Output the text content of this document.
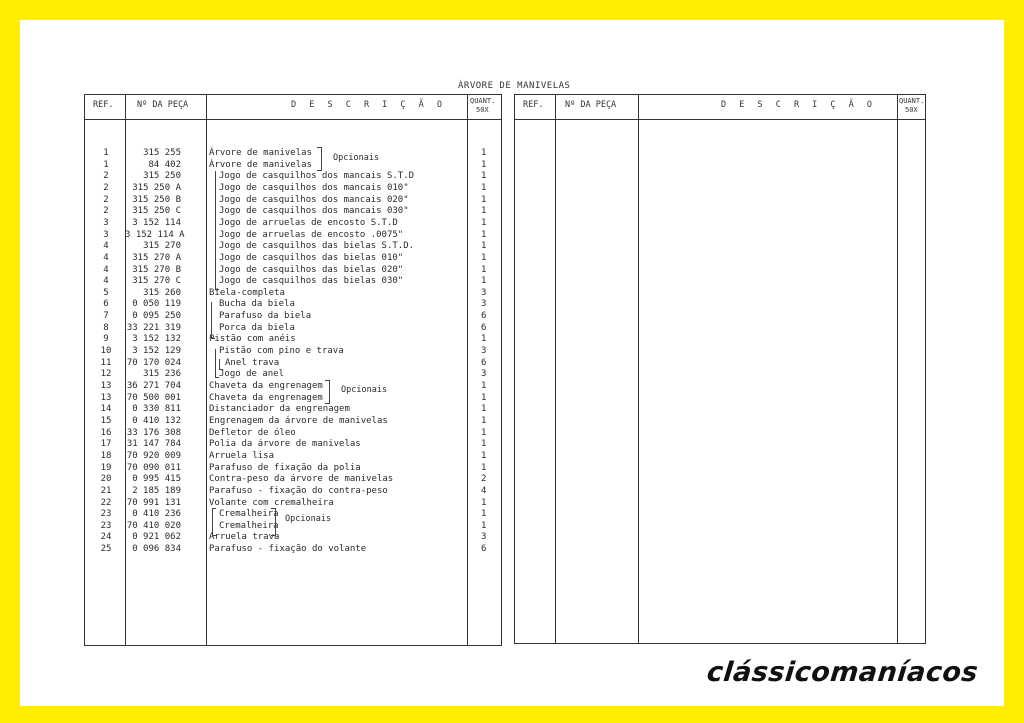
ÁRVORE DE MANIVELAS
REF.	Nº DA PEÇA	D E S C R I Ç Ã O	QUANT.
50X
1	315 255	Árvore de manivelas	1
1	84 402	Árvore de manivelas	1
2	315 250	Jogo de casquilhos dos mancais S.T.D	1
2	315 250 A	Jogo de casquilhos dos mancais 010"	1
2	315 250 B	Jogo de casquilhos dos mancais 020"	1
2	315 250 C	Jogo de casquilhos dos mancais 030"	1
3	3 152 114	Jogo de arruelas de encosto S.T.D	1
3	3 152 114 A	Jogo de arruelas de encosto .0075"	1
4	315 270	Jogo de casquilhos das bielas S.T.D.	1
4	315 270 A	Jogo de casquilhos das bielas 010"	1
4	315 270 B	Jogo de casquilhos das bielas 020"	1
4	315 270 C	Jogo de casquilhos das bielas 030"	1
5	315 260	Biela-completa	3
6	0 050 119	Bucha da biela	3
7	0 095 250	Parafuso da biela	6
8	33 221 319	Porca da biela	6
9	3 152 132	Pistão com anéis	1
10	3 152 129	Pistão com pino e trava	3
11	70 170 024	Anel trava	6
12	315 236	Jogo de anel	3
13	36 271 704	Chaveta da engrenagem	1
13	70 500 001	Chaveta da engrenagem	1
14	0 330 811	Distanciador da engrenagem	1
15	0 410 132	Engrenagem da árvore de manivelas	1
16	33 176 308	Defletor de óleo	1
17	31 147 784	Polia da árvore de manivelas	1
18	70 920 009	Arruela lisa	1
19	70 090 011	Parafuso de fixação da polia	1
20	0 995 415	Contra-peso da árvore de manivelas	2
21	2 185 189	Parafuso - fixação do contra-peso	4
22	70 991 131	Volante com cremalheira	1
23	0 410 236	Cremalheira	1
23	70 410 020	Cremalheira	1
24	0 921 062	Arruela trava	3
25	0 096 834	Parafuso - fixação do volante	6
Opcionais
Opcionais
Opcionais
REF.	Nº DA PEÇA	D E S C R I Ç Ã O	QUANT.
50X
clássicomaníacos
